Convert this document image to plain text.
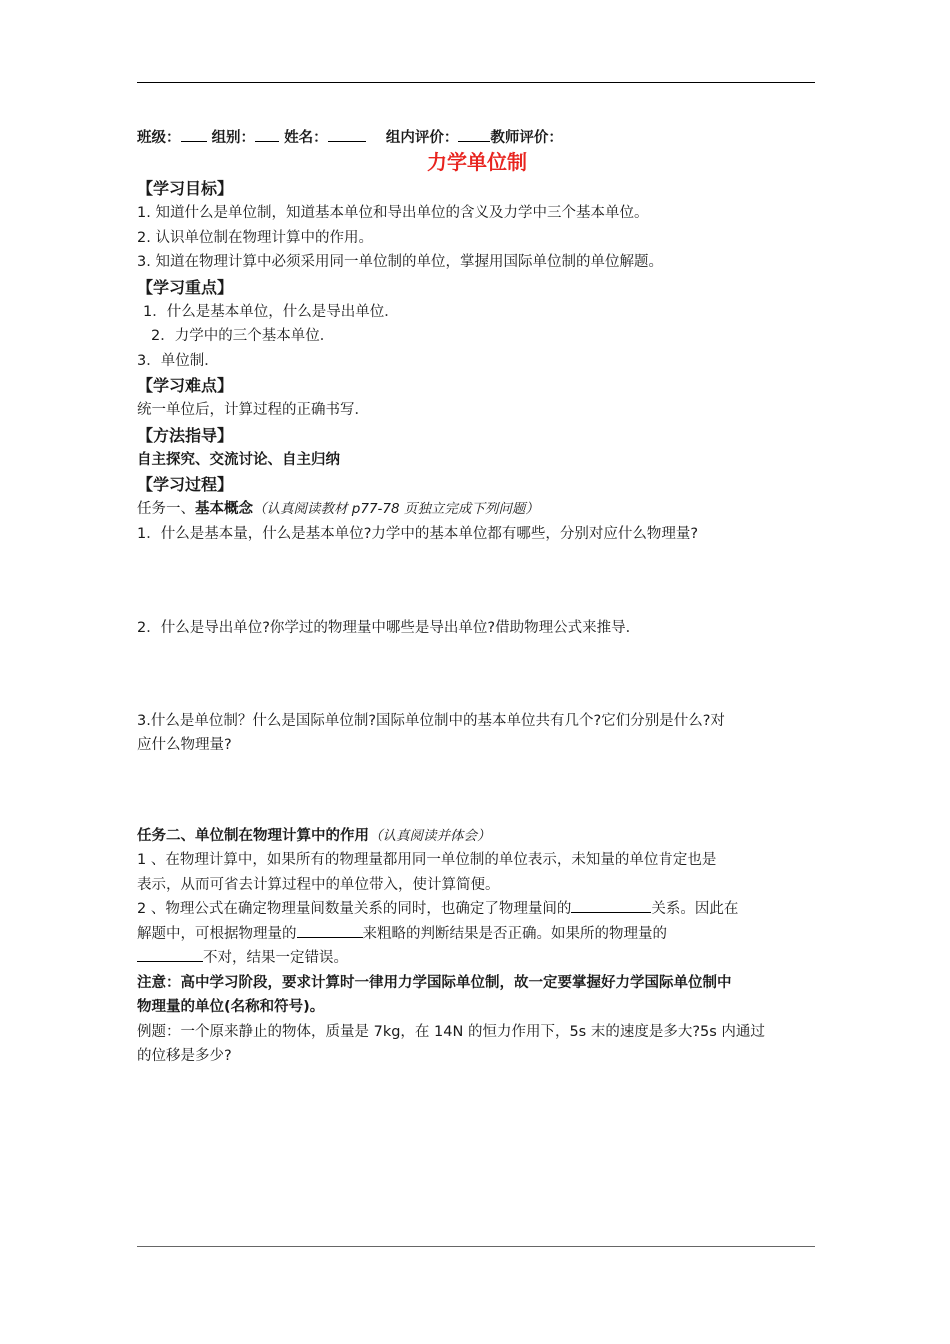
班级： 组别： 姓名：	组内评价： 教师评价：
力学单位制
【学习目标】
1. 知道什么是单位制，知道基本单位和导出单位的含义及力学中三个基本单位。
2. 认识单位制在物理计算中的作用。
3. 知道在物理计算中必须采用同一单位制的单位，掌握用国际单位制的单位解题。
【学习重点】
1．什么是基本单位，什么是导出单位．
2．力学中的三个基本单位．
3．单位制．
【学习难点】
统一单位后，计算过程的正确书写．
【方法指导】
自主探究、交流讨论、自主归纳
【学习过程】
任务一、基本概念（认真阅读教材 p77-78 页独立完成下列问题）
1．什么是基本量，什么是基本单位?力学中的基本单位都有哪些，分别对应什么物理量?
2．什么是导出单位?你学过的物理量中哪些是导出单位?借助物理公式来推导．
3.什么是单位制？什么是国际单位制?国际单位制中的基本单位共有几个?它们分别是什么?对
应什么物理量?
任务二、单位制在物理计算中的作用（认真阅读并体会）
1 、在物理计算中，如果所有的物理量都用同一单位制的单位表示，未知量的单位肯定也是
表示，从而可省去计算过程中的单位带入，使计算简便。
2 、物理公式在确定物理量间数量关系的同时，也确定了物理量间的	关系。因此在
解题中，可根据物理量的	来粗略的判断结果是否正确。如果所的物理量的
不对，结果一定错误。
注意：高中学习阶段，要求计算时一律用力学国际单位制，故一定要掌握好力学国际单位制中
物理量的单位(名称和符号)。
例题：一个原来静止的物体，质量是 7kg，在 14N 的恒力作用下，5s 末的速度是多大?5s 内通过
的位移是多少?
